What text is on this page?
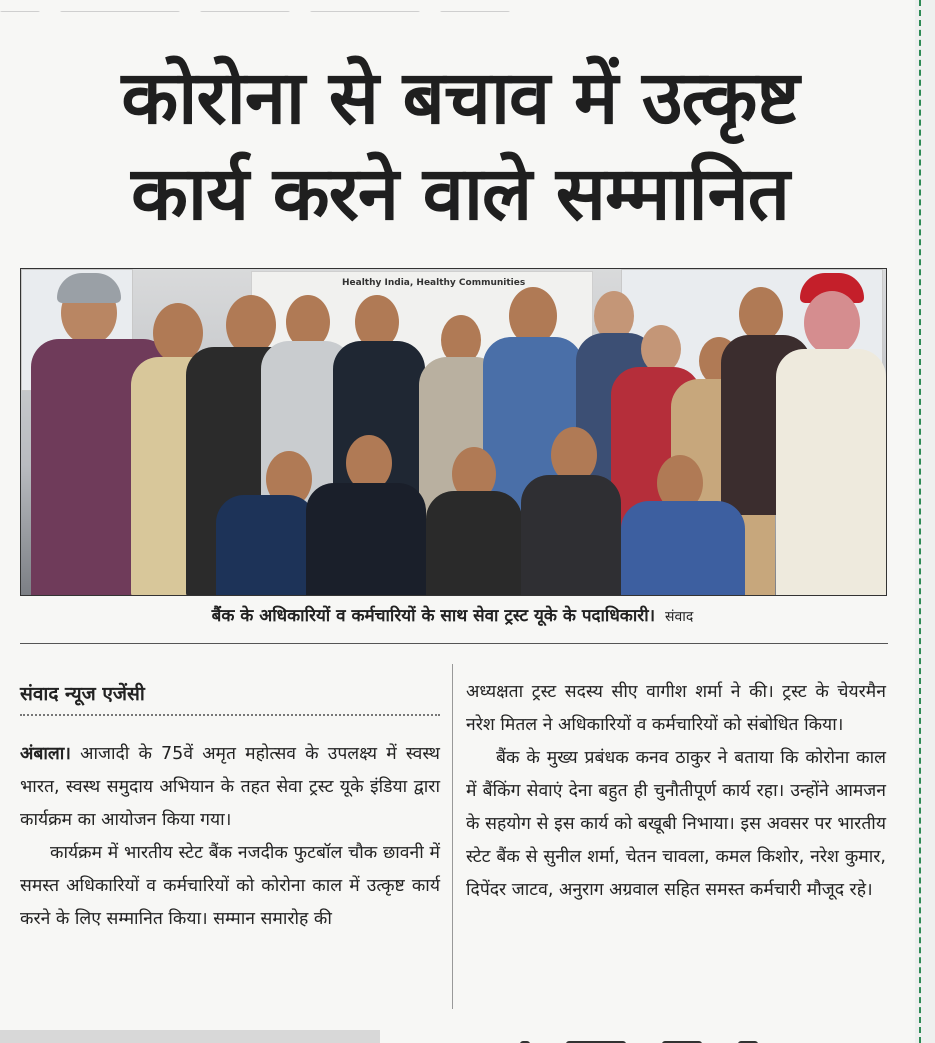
कोरोना से बचाव में उत्कृष्ट
कार्य करने वाले सम्मानित
Healthy India, Healthy Communities
बैंक के अधिकारियों व कर्मचारियों के साथ सेवा ट्रस्ट यूके के पदाधिकारी। संवाद
संवाद न्यूज एजेंसी

अंबाला। आजादी के 75वें अमृत महोत्सव के उपलक्ष्य में स्वस्थ भारत, स्वस्थ समुदाय अभियान के तहत सेवा ट्रस्ट यूके इंडिया द्वारा कार्यक्रम का आयोजन किया गया।

कार्यक्रम में भारतीय स्टेट बैंक नजदीक फुटबॉल चौक छावनी में समस्त अधिकारियों व कर्मचारियों को कोरोना काल में उत्कृष्ट कार्य करने के लिए सम्मानित किया। सम्मान समारोह की

अध्यक्षता ट्रस्ट सदस्य सीए वागीश शर्मा ने की। ट्रस्ट के चेयरमैन नरेश मितल ने अधिकारियों व कर्मचारियों को संबोधित किया।

बैंक के मुख्य प्रबंधक कनव ठाकुर ने बताया कि कोरोना काल में बैंकिंग सेवाएं देना बहुत ही चुनौतीपूर्ण कार्य रहा। उन्होंने आमजन के सहयोग से इस कार्य को बखूबी निभाया। इस अवसर पर भारतीय स्टेट बैंक से सुनील शर्मा, चेतन चावला, कमल किशोर, नरेश कुमार, दिपेंदर जाटव, अनुराग अग्रवाल सहित समस्त कर्मचारी मौजूद रहे।
